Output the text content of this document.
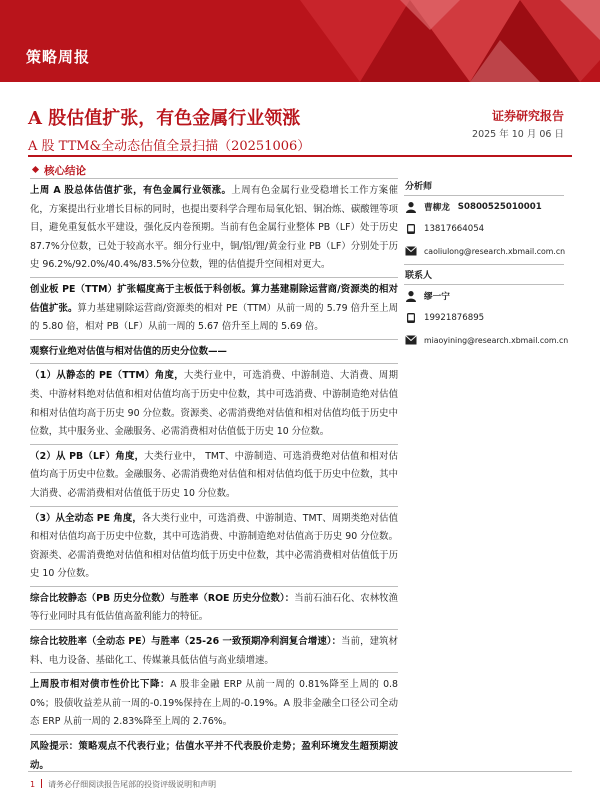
策略周报
A 股估值扩张，有色金属行业领涨
A 股 TTM&全动态估值全景扫描（20251006）
证券研究报告
2025 年 10 月 06 日
核心结论

上周 A 股总体估值扩张，有色金属行业领涨。上周有色金属行业受稳增长工作方案催化，方案提出行业增长目标的同时，也提出要科学合理布局氧化铝、铜冶炼、碳酸锂等项目，避免重复低水平建设，强化反内卷预期。当前有色金属行业整体 PB（LF）处于历史 87.7%分位数，已处于较高水平。细分行业中，铜/铝/锂/黄金行业 PB（LF）分别处于历史 96.2%/92.0%/40.4%/83.5%分位数，锂的估值提升空间相对更大。

创业板 PE（TTM）扩张幅度高于主板低于科创板。算力基建剔除运营商/资源类的相对估值扩张。算力基建剔除运营商/资源类的相对 PE（TTM）从前一周的 5.79 倍升至上周的 5.80 倍，相对 PB（LF）从前一周的 5.67 倍升至上周的 5.69 倍。

观察行业绝对估值与相对估值的历史分位数——

（1）从静态的 PE（TTM）角度，大类行业中，可选消费、中游制造、大消费、周期类、中游材料绝对估值和相对估值均高于历史中位数，其中可选消费、中游制造绝对估值和相对估值均高于历史 90 分位数。资源类、必需消费绝对估值和相对估值均低于历史中位数，其中服务业、金融服务、必需消费相对估值低于历史 10 分位数。

（2）从 PB（LF）角度，大类行业中， TMT、中游制造、可选消费绝对估值和相对估值均高于历史中位数。金融服务、必需消费绝对估值和相对估值均低于历史中位数，其中大消费、必需消费相对估值低于历史 10 分位数。

（3）从全动态 PE 角度，各大类行业中，可选消费、中游制造、TMT、周期类绝对估值和相对估值均高于历史中位数，其中可选消费、中游制造绝对估值高于历史 90 分位数。资源类、必需消费绝对估值和相对估值均低于历史中位数，其中必需消费相对估值低于历史 10 分位数。

综合比较静态（PB 历史分位数）与胜率（ROE 历史分位数）：当前石油石化、农林牧渔等行业同时具有低估值高盈利能力的特征。

综合比较胜率（全动态 PE）与胜率（25-26 一致预期净利润复合增速）：当前，建筑材料、电力设备、基础化工、传媒兼具低估值与高业绩增速。

上周股市相对债市性价比下降：A 股非金融 ERP 从前一周的 0.81%降至上周的 0.80%；股债收益差从前一周的-0.19%保持在上周的-0.19%。A 股非金融全口径公司全动态 ERP 从前一周的 2.83%降至上周的 2.76%。

风险提示：策略观点不代表行业；估值水平并不代表股价走势；盈利环境发生超预期波动。

分析师
曹柳龙 S0800525010001
13817664054
caoliulong@research.xbmail.com.cn
联系人
缪一宁
19921876895
miaoyining@research.xbmail.com.cn
1 请务必仔细阅读报告尾部的投资评级说明和声明
